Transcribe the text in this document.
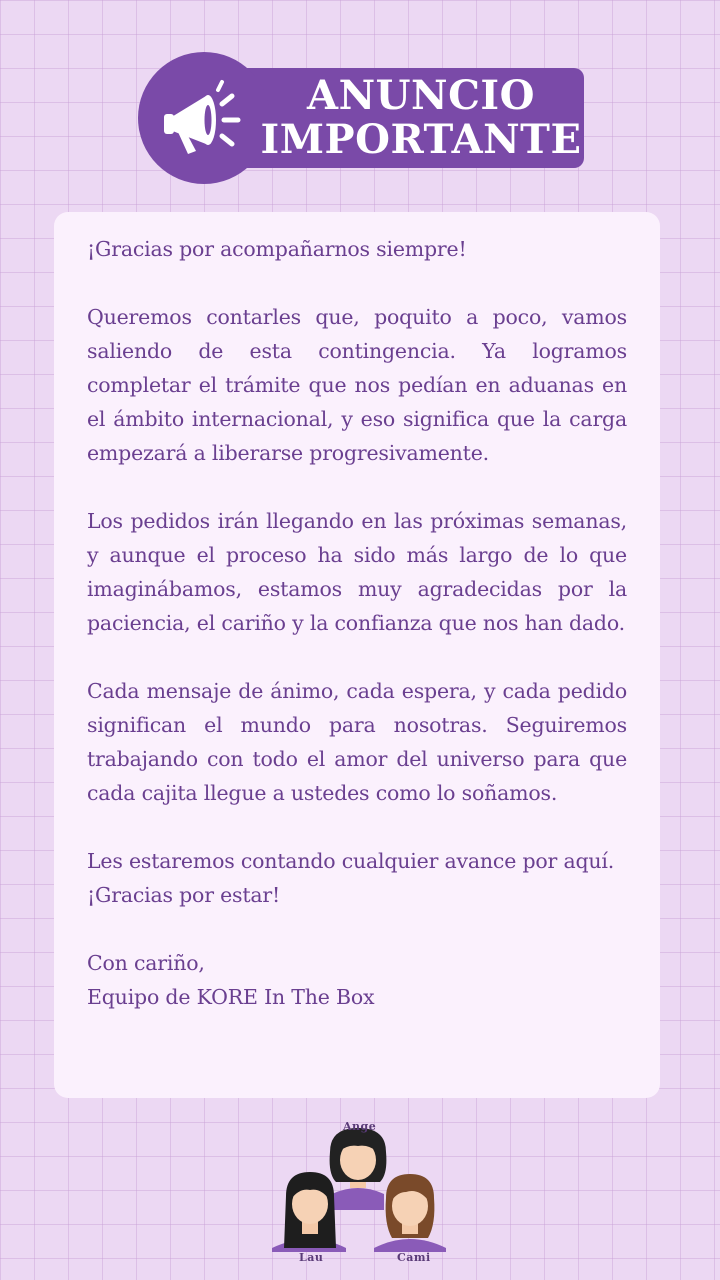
ANUNCIO
IMPORTANTE

¡Gracias por acompañarnos siempre!

Queremos contarles que, poquito a poco, vamos saliendo de esta contingencia. Ya logramos completar el trámite que nos pedían en aduanas en el ámbito internacional, y eso significa que la carga empezará a liberarse progresivamente.

Los pedidos irán llegando en las próximas semanas, y aunque el proceso ha sido más largo de lo que imaginábamos, estamos muy agradecidas por la paciencia, el cariño y la confianza que nos han dado.

Cada mensaje de ánimo, cada espera, y cada pedido significan el mundo para nosotras. Seguiremos trabajando con todo el amor del universo para que cada cajita llegue a ustedes como lo soñamos.

Les estaremos contando cualquier avance por aquí.
¡Gracias por estar!

Con cariño,
Equipo de KORE In The Box

Ange
Lau	Cami
